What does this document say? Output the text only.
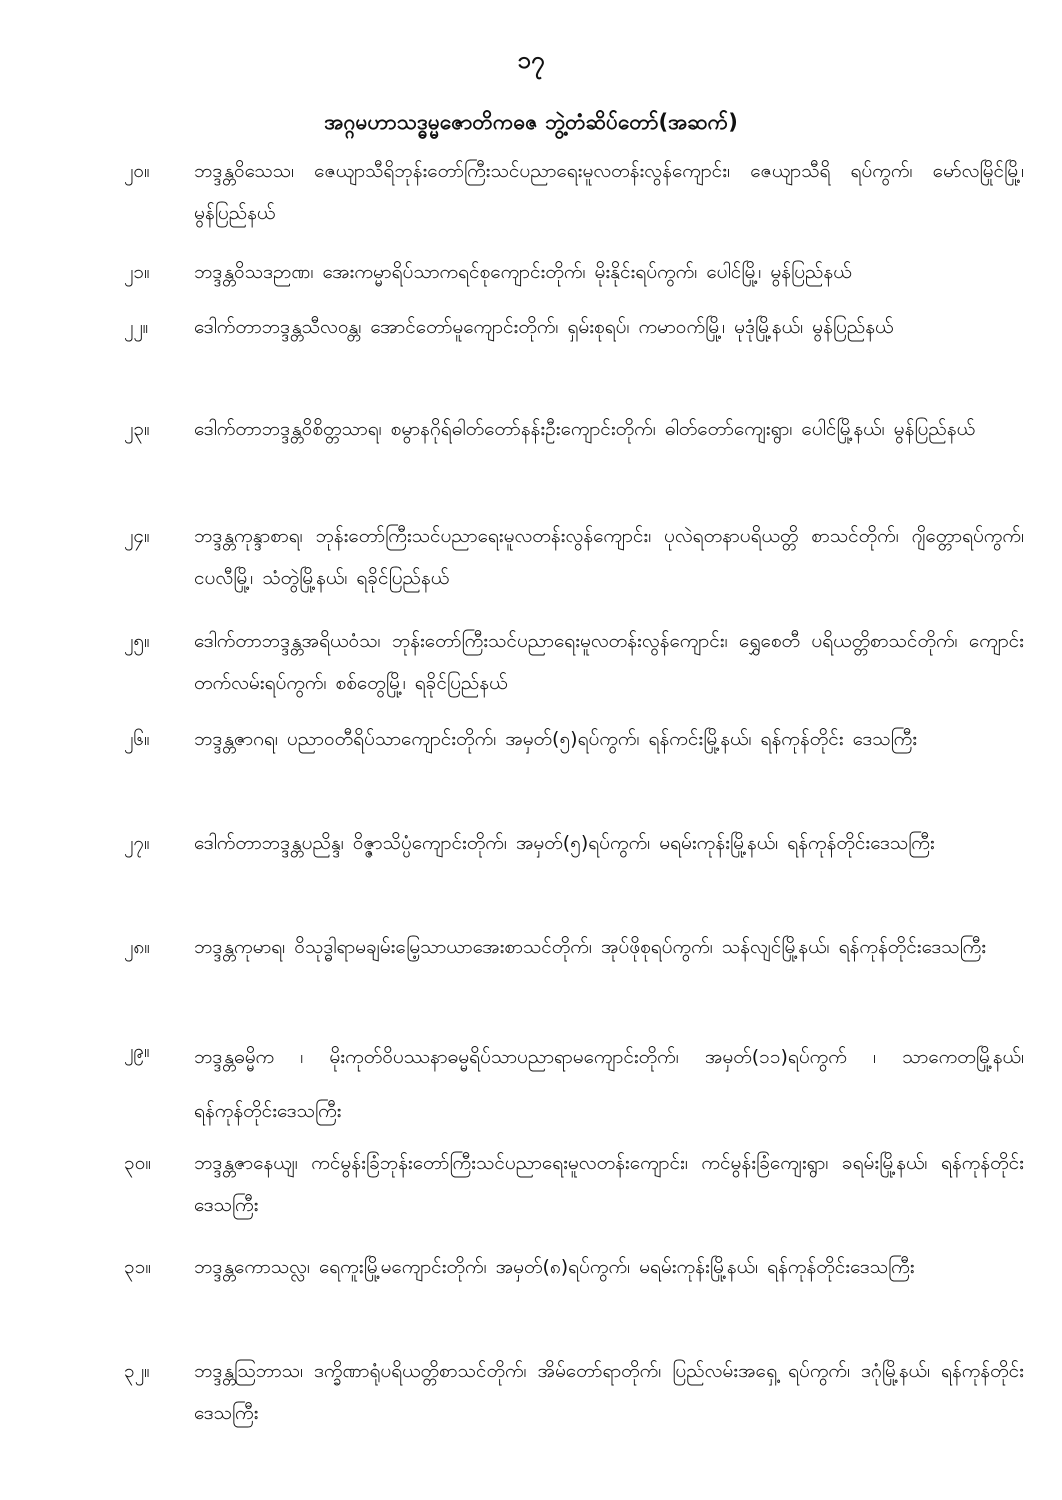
၁၇
အဂ္ဂမဟာသဒ္ဓမ္မဇောတိကဓဇ ဘွဲ့တံဆိပ်တော်(အဆက်)
၂၀။	ဘဒ္ဒန္တဝိသေသ၊ ဇေယျာသီရိဘုန်းတော်ကြီးသင်ပညာရေးမူလတန်းလွန်ကျောင်း၊ ဇေယျာသီရိ ရပ်ကွက်၊ မော်လမြိုင်မြို့၊ မွန်ပြည်နယ်
၂၁။	ဘဒ္ဒန္တဝိသဒဉာဏ၊ အေးကမ္မာရိပ်သာကရင်စုကျောင်းတိုက်၊ မိုးနိုင်းရပ်ကွက်၊ ပေါင်မြို့၊ မွန်ပြည်နယ်
၂၂။	ဒေါက်တာဘဒ္ဒန္တသီလဝန္တ၊ အောင်တော်မူကျောင်းတိုက်၊ ရှမ်းစုရပ်၊ ကမာဝက်မြို့၊ မုဒုံမြို့နယ်၊ မွန်ပြည်နယ်
၂၃။	ဒေါက်တာဘဒ္ဒန္တဝိစိတ္တသာရ၊ စမွာနဂိုရ်ဓါတ်တော်နန်းဦးကျောင်းတိုက်၊ ဓါတ်တော်ကျေးရွာ၊ ပေါင်မြို့နယ်၊ မွန်ပြည်နယ်
၂၄။	ဘဒ္ဒန္တကုန္ဒာစာရ၊ ဘုန်းတော်ကြီးသင်ပညာရေးမူလတန်းလွန်ကျောင်း၊ ပုလဲရတနာပရိယတ္တိ စာသင်တိုက်၊ ဂျိတ္တောရပ်ကွက်၊ ငပလီမြို့၊ သံတွဲမြို့နယ်၊ ရခိုင်ပြည်နယ်
၂၅။	ဒေါက်တာဘဒ္ဒန္တအရိယဝံသ၊ ဘုန်းတော်ကြီးသင်ပညာရေးမူလတန်းလွန်ကျောင်း၊ ရွှေစေတီ ပရိယတ္တိစာသင်တိုက်၊ ကျောင်းတက်လမ်းရပ်ကွက်၊ စစ်တွေမြို့၊ ရခိုင်ပြည်နယ်
၂၆။	ဘဒ္ဒန္တဇာဂရ၊ ပညာဝတီရိပ်သာကျောင်းတိုက်၊ အမှတ်(၅)ရပ်ကွက်၊ ရန်ကင်းမြို့နယ်၊ ရန်ကုန်တိုင်း ဒေသကြီး
၂၇။	ဒေါက်တာဘဒ္ဒန္တပညိန္ဒ၊ ဝိဇ္ဇာသိပ္ပံကျောင်းတိုက်၊ အမှတ်(၅)ရပ်ကွက်၊ မရမ်းကုန်းမြို့နယ်၊ ရန်ကုန်တိုင်းဒေသကြီး
၂၈။	ဘဒ္ဒန္တကုမာရ၊ ဝိသုဒ္ဓါရာမချမ်းမြေ့သာယာအေးစာသင်တိုက်၊ အုပ်ဖိုစုရပ်ကွက်၊ သန်လျင်မြို့နယ်၊ ရန်ကုန်တိုင်းဒေသကြီး
၂၉။	ဘဒ္ဒန္တဓမ္မိက ၊ မိုးကုတ်ဝိပဿနာဓမ္မရိပ်သာပညာရာမကျောင်းတိုက်၊ အမှတ်(၁၁)ရပ်ကွက် ၊ သာကေတမြို့နယ်၊ ရန်ကုန်တိုင်းဒေသကြီး
၃၀။	ဘဒ္ဒန္တဇာနေယျ၊ ကင်မွန်းခြံဘုန်းတော်ကြီးသင်ပညာရေးမူလတန်းကျောင်း၊ ကင်မွန်းခြံကျေးရွာ၊ ခရမ်းမြို့နယ်၊ ရန်ကုန်တိုင်းဒေသကြီး
၃၁။	ဘဒ္ဒန္တကောသလ္လ၊ ရေကူးမြို့မကျောင်းတိုက်၊ အမှတ်(၈)ရပ်ကွက်၊ မရမ်းကုန်းမြို့နယ်၊ ရန်ကုန်တိုင်းဒေသကြီး
၃၂။	ဘဒ္ဒန္တသြဘာသ၊ ဒက္ခိဏာရုံပရိယတ္တိစာသင်တိုက်၊ အိမ်တော်ရာတိုက်၊ ပြည်လမ်းအရှေ့ ရပ်ကွက်၊ ဒဂုံမြို့နယ်၊ ရန်ကုန်တိုင်းဒေသကြီး
